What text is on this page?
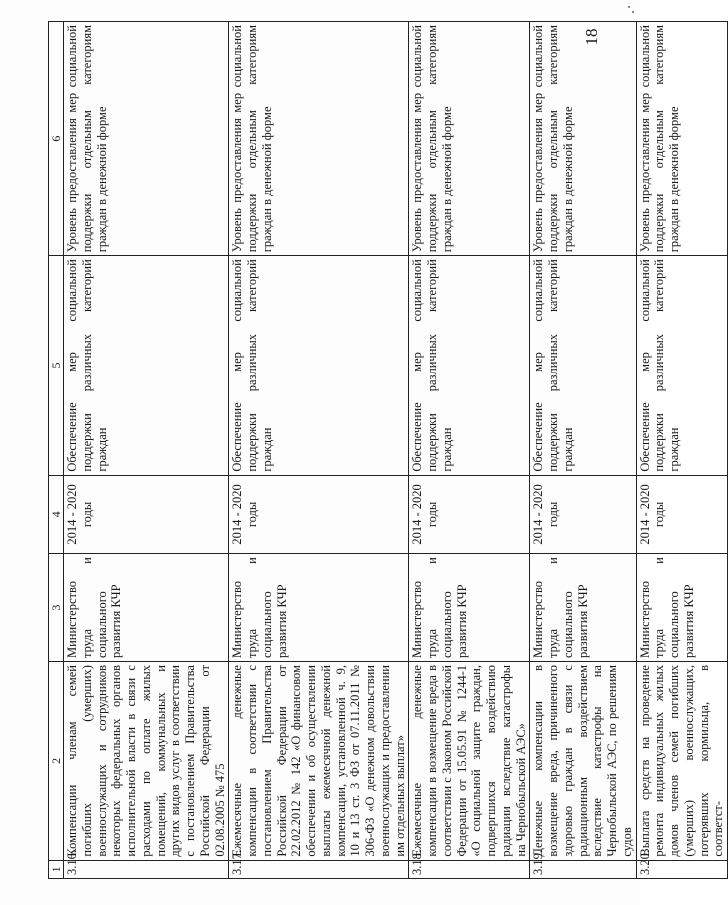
18
1	2	3	4	5	6
3.16.	Компенсации членам семей погибших (умерших) военнослужащих и сотрудников некоторых федеральных органов исполнительной власти в связи с расходами по оплате жилых помещений, коммунальных и других видов услуг в соответствии с постановлением Правительства Российской Федерации от 02.08.2005 № 475	Министерство труда и социального развития КЧР	2014 - 2020 годы	Обеспечение мер социальной поддержки различных категорий граждан	Уровень предоставления мер социальной поддержки отдельным категориям граждан в денежной форме
3.17.	Ежемесячные денежные компенсации в соответствии с постановлением Правительства Российской Федерации от 22.02.2012 № 142 «О финансовом обеспечении и об осуществлении выплаты ежемесячной денежной компенсации, установленной ч. 9, 10 и 13 ст. 3 ФЗ от 07.11.2011 № 306-ФЗ «О денежном довольствии военнослужащих и предоставлении им отдельных выплат»	Министерство труда и социального развития КЧР	2014 - 2020 годы	Обеспечение мер социальной поддержки различных категорий граждан	Уровень предоставления мер социальной поддержки отдельным категориям граждан в денежной форме
3.18.	Ежемесячные денежные компенсации в возмещение вреда в соответствии с Законом Российской Федерации от 15.05.91 № 1244-1 «О социальной защите граждан, подвергшихся воздействию радиации вследствие катастрофы на Чернобыльской АЭС»	Министерство труда и социального развития КЧР	2014 - 2020 годы	Обеспечение мер социальной поддержки различных категорий граждан	Уровень предоставления мер социальной поддержки отдельным категориям граждан в денежной форме
3.19.	Денежные компенсации в возмещение вреда, причиненного здоровью граждан в связи с радиационным воздействием вследствие катастрофы на Чернобыльской АЭС, по решениям судов	Министерство труда и социального развития КЧР	2014 - 2020 годы	Обеспечение мер социальной поддержки различных категорий граждан	Уровень предоставления мер социальной поддержки отдельным категориям граждан в денежной форме
3.20.	Выплата средств на проведение ремонта индивидуальных жилых домов членов семей погибших (умерших) военнослужащих, потерявших кормильца, в соответст-	Министерство труда и социального развития КЧР	2014 - 2020 годы	Обеспечение мер социальной поддержки различных категорий граждан	Уровень предоставления мер социальной поддержки отдельным категориям граждан в денежной форме
